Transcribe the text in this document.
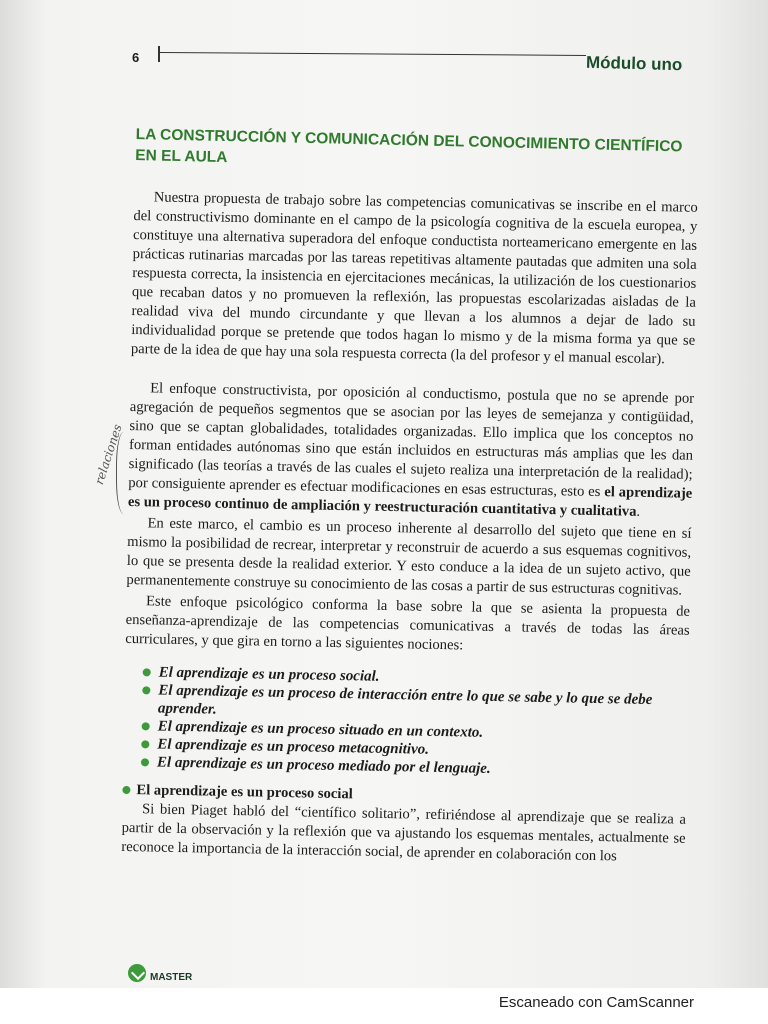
6	Módulo uno
LA CONSTRUCCIÓN Y COMUNICACIÓN DEL CONOCIMIENTO CIENTÍFICO EN EL AULA
relaciones

Nuestra propuesta de trabajo sobre las competencias comunicativas se inscribe en el marco del constructivismo dominante en el campo de la psicología cognitiva de la escuela europea, y constituye una alternativa superadora del enfoque conductista norteamericano emergente en las prácticas rutinarias marcadas por las tareas repetitivas altamente pautadas que admiten una sola respuesta correcta, la insistencia en ejercitaciones mecánicas, la utilización de los cuestionarios que recaban datos y no promueven la reflexión, las propuestas escolarizadas aisladas de la realidad viva del mundo circundante y que llevan a los alumnos a dejar de lado su individualidad porque se pretende que todos hagan lo mismo y de la misma forma ya que se parte de la idea de que hay una sola respuesta correcta (la del profesor y el manual escolar).

El enfoque constructivista, por oposición al conductismo, postula que no se aprende por agregación de pequeños segmentos que se asocian por las leyes de semejanza y contigüidad, sino que se captan globalidades, totalidades organizadas. Ello implica que los conceptos no forman entidades autónomas sino que están incluidos en estructuras más amplias que les dan significado (las teorías a través de las cuales el sujeto realiza una interpretación de la realidad); por consiguiente aprender es efectuar modificaciones en esas estructuras, esto es el aprendizaje es un proceso continuo de ampliación y reestructuración cuantitativa y cualitativa.

En este marco, el cambio es un proceso inherente al desarrollo del sujeto que tiene en sí mismo la posibilidad de recrear, interpretar y reconstruir de acuerdo a sus esquemas cognitivos, lo que se presenta desde la realidad exterior. Y esto conduce a la idea de un sujeto activo, que permanentemente construye su conocimiento de las cosas a partir de sus estructuras cognitivas.

Este enfoque psicológico conforma la base sobre la que se asienta la propuesta de enseñanza-aprendizaje de las competencias comunicativas a través de todas las áreas curriculares, y que gira en torno a las siguientes nociones:

El aprendizaje es un proceso social.
El aprendizaje es un proceso de interacción entre lo que se sabe y lo que se debe aprender.
El aprendizaje es un proceso situado en un contexto.
El aprendizaje es un proceso metacognitivo.
El aprendizaje es un proceso mediado por el lenguaje.

El aprendizaje es un proceso social

Si bien Piaget habló del “científico solitario”, refiriéndose al aprendizaje que se realiza a partir de la observación y la reflexión que va ajustando los esquemas mentales, actualmente se reconoce la importancia de la interacción social, de aprender en colaboración con los

MASTER
Escaneado con CamScanner
